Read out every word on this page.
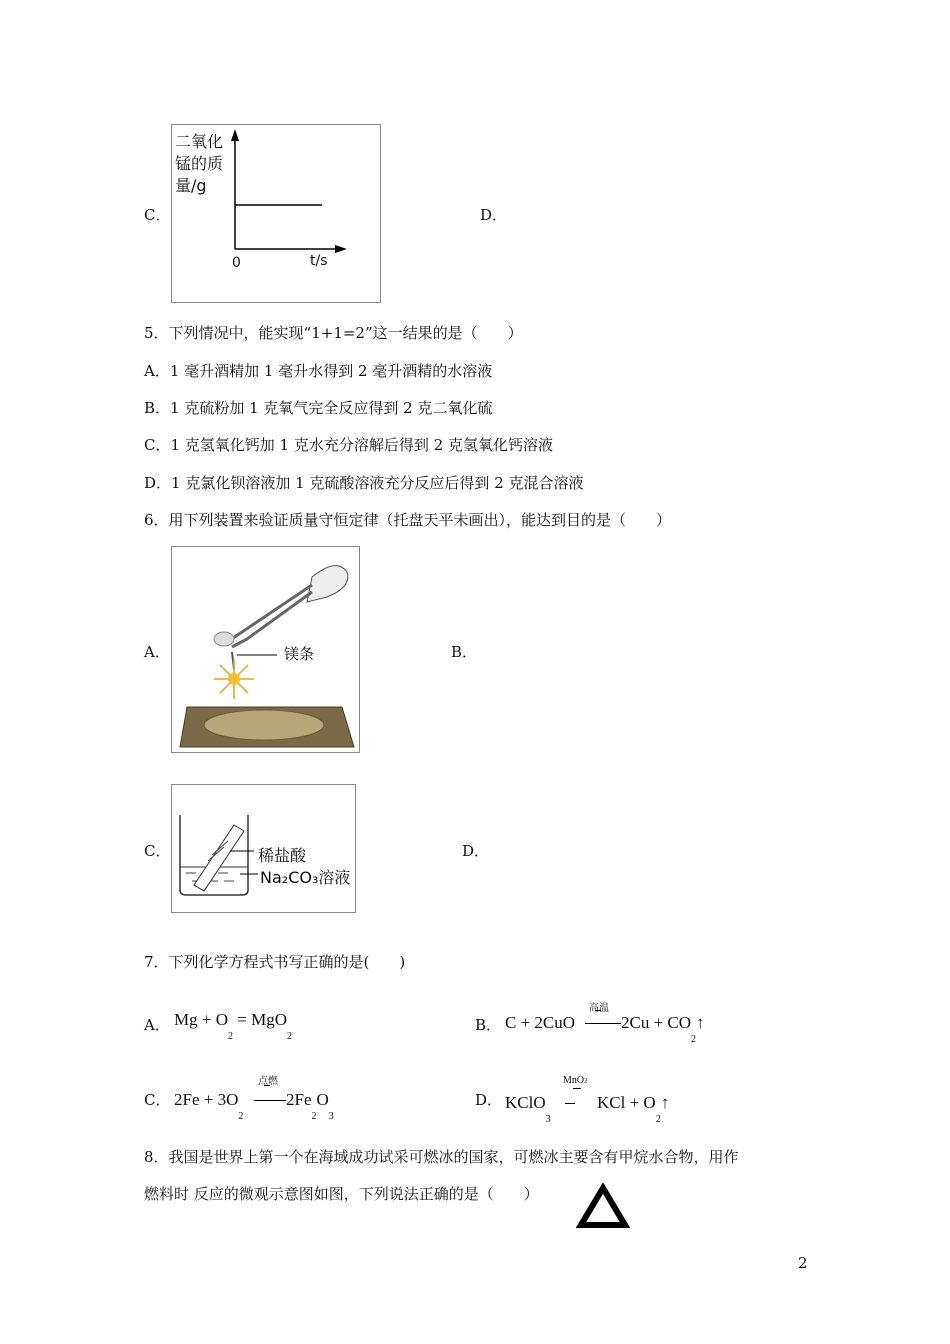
C．
二氧化
锰的质
量/g
0	t/s
D．
5．下列情况中，能实现“1+1=2”这一结果的是（　　）
A．1 毫升酒精加 1 毫升水得到 2 毫升酒精的水溶液
B．1 克硫粉加 1 克氧气完全反应得到 2 克二氧化硫
C．1 克氢氧化钙加 1 克水充分溶解后得到 2 克氢氧化钙溶液
D．1 克氯化钡溶液加 1 克硫酸溶液充分反应后得到 2 克混合溶液
6．用下列装置来验证质量守恒定律（托盘天平未画出），能达到目的是（　　）
A．	镁条	B．
C．	稀盐酸
Na₂CO₃溶液
D．
7．下列化学方程式书写正确的是(　　)
A． $Mg + O_2 = MgO_2$
B． C + 2CuO
高温
$2Cu + CO_2↑$
C． $2Fe + 3O_2$
点燃
$2Fe_2O_3$
D． KClO$_3$
MnO2
KCl + $O_2↑$
8．我国是世界上第一个在海域成功试采可燃冰的国家，可燃冰主要含有甲烷水合物，用作
燃料时 反应的微观示意图如图，下列说法正确的是（　　）
2
